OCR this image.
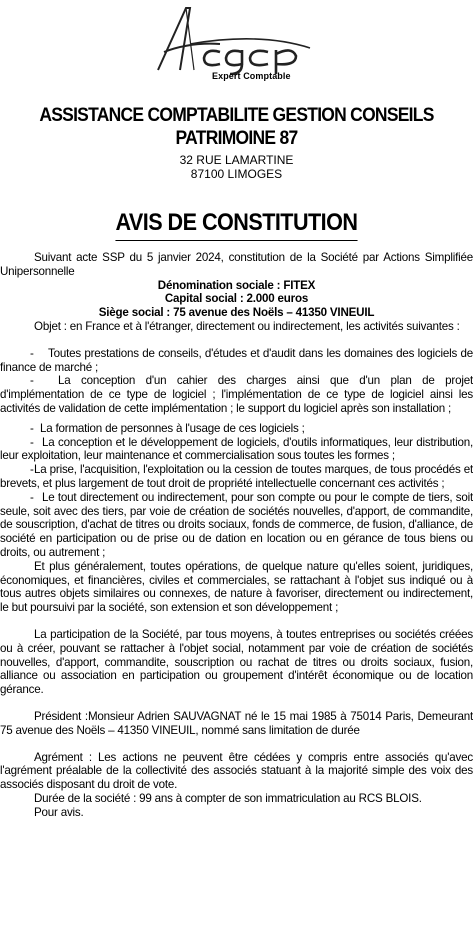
Expert Comptable
ASSISTANCE COMPTABILITE GESTION CONSEILS
PATRIMOINE 87
32 RUE LAMARTINE
87100 LIMOGES
AVIS DE CONSTITUTION

Suivant acte SSP du 5 janvier 2024, constitution de la Société par Actions Simplifiée Unipersonnelle

Dénomination sociale : FITEX

Capital social : 2.000 euros

Siège social : 75 avenue des Noëls – 41350 VINEUIL

Objet : en France et à l'étranger, directement ou indirectement, les activités suivantes :

- Toutes prestations de conseils, d'études et d'audit dans les domaines des logiciels de finance de marché ;

- La conception d'un cahier des charges ainsi que d'un plan de projet d'implémentation de ce type de logiciel ; l'implémentation de ce type de logiciel ainsi les activités de validation de cette implémentation ; le support du logiciel après son installation ;

- La formation de personnes à l'usage de ces logiciels ;

- La conception et le développement de logiciels, d'outils informatiques, leur distribution, leur exploitation, leur maintenance et commercialisation sous toutes les formes ;

-La prise, l'acquisition, l'exploitation ou la cession de toutes marques, de tous procédés et brevets, et plus largement de tout droit de propriété intellectuelle concernant ces activités ;

- Le tout directement ou indirectement, pour son compte ou pour le compte de tiers, soit seule, soit avec des tiers, par voie de création de sociétés nouvelles, d'apport, de commandite, de souscription, d'achat de titres ou droits sociaux, fonds de commerce, de fusion, d'alliance, de société en participation ou de prise ou de dation en location ou en gérance de tous biens ou droits, ou autrement ;

Et plus généralement, toutes opérations, de quelque nature qu'elles soient, juridiques, économiques, et financières, civiles et commerciales, se rattachant à l'objet sus indiqué ou à tous autres objets similaires ou connexes, de nature à favoriser, directement ou indirectement, le but poursuivi par la société, son extension et son développement ;

La participation de la Société, par tous moyens, à toutes entreprises ou sociétés créées ou à créer, pouvant se rattacher à l'objet social, notamment par voie de création de sociétés nouvelles, d'apport, commandite, souscription ou rachat de titres ou droits sociaux, fusion, alliance ou association en participation ou groupement d'intérêt économique ou de location gérance.

Président :Monsieur Adrien SAUVAGNAT né le 15 mai 1985 à 75014 Paris, Demeurant 75 avenue des Noëls – 41350 VINEUIL, nommé sans limitation de durée

Agrément : Les actions ne peuvent être cédées y compris entre associés qu'avec l'agrément préalable de la collectivité des associés statuant à la majorité simple des voix des associés disposant du droit de vote.

Durée de la société : 99 ans à compter de son immatriculation au RCS BLOIS.

Pour avis.
